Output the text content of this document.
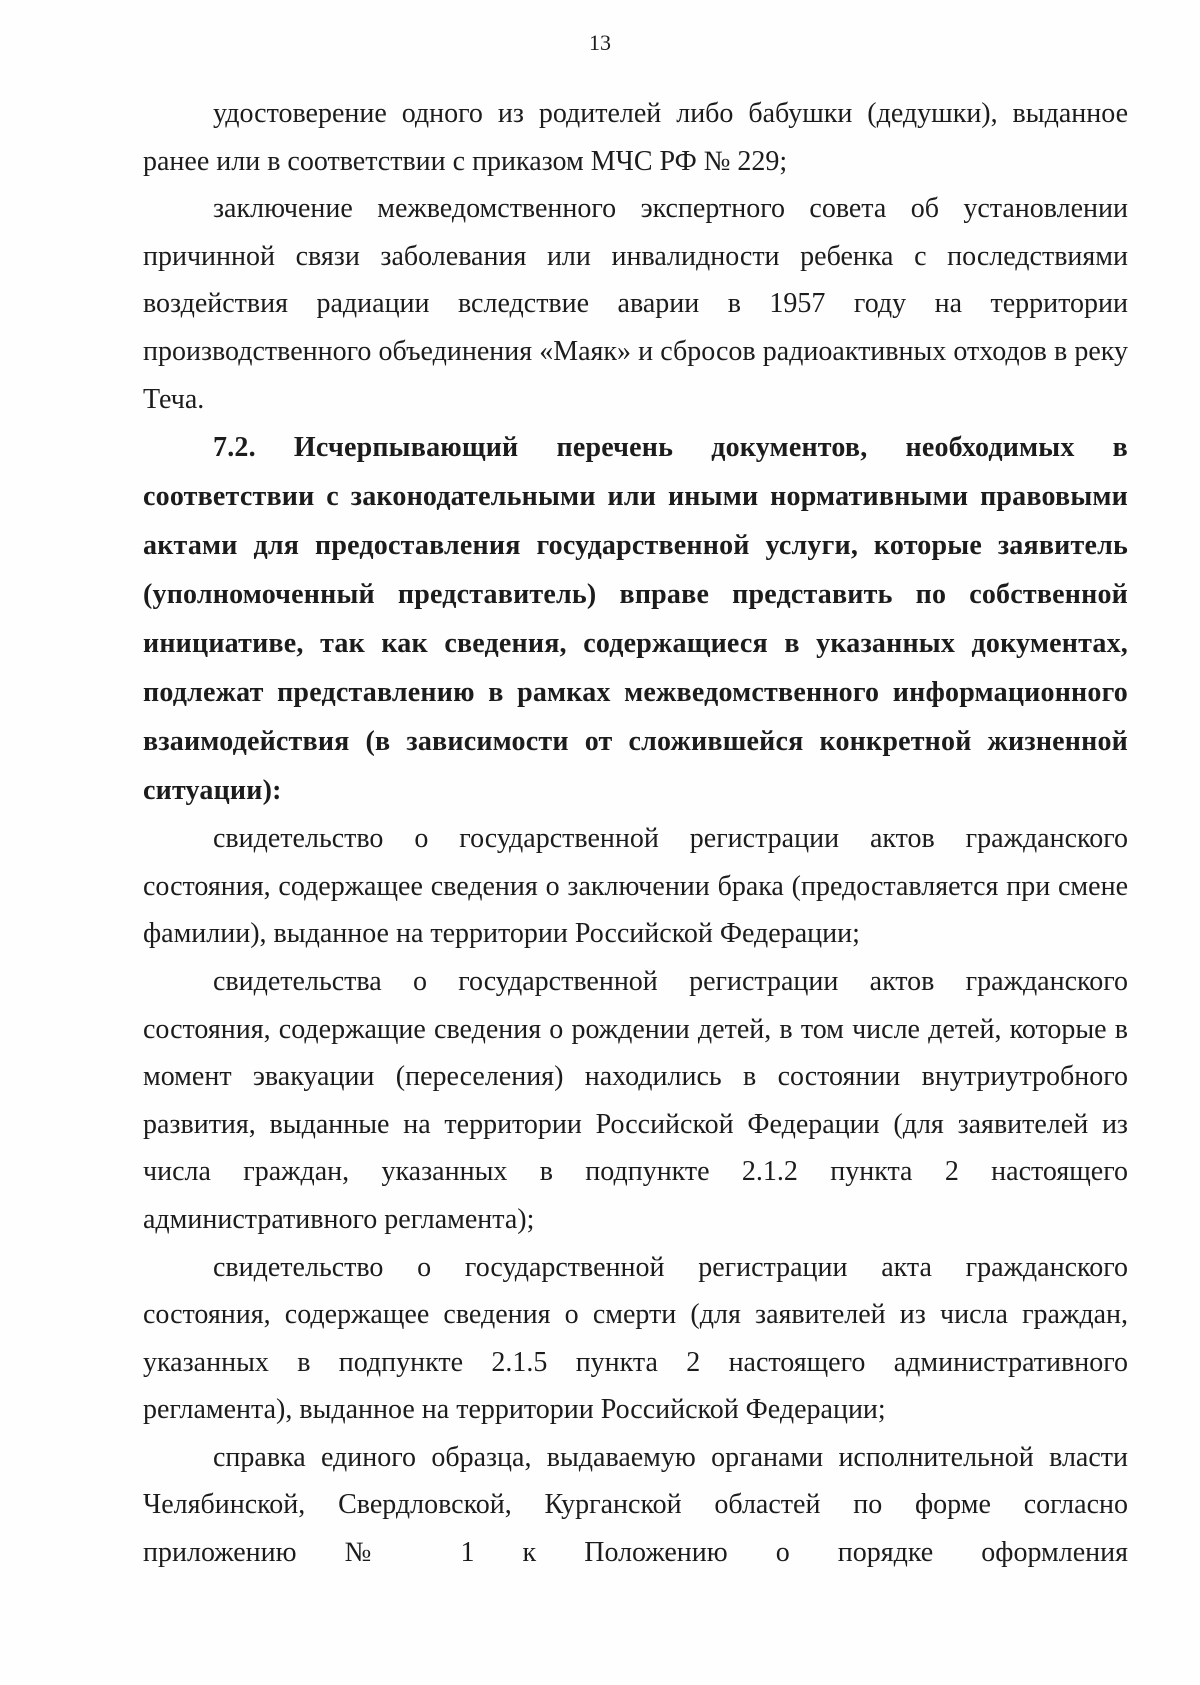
13

удостоверение одного из родителей либо бабушки (дедушки), выданное ранее или в соответствии с приказом МЧС РФ № 229;

заключение межведомственного экспертного совета об установлении причинной связи заболевания или инвалидности ребенка с последствиями воздействия радиации вследствие аварии в 1957 году на территории производственного объединения «Маяк» и сбросов радиоактивных отходов в реку Теча.

7.2. Исчерпывающий перечень документов, необходимых в соответствии с законодательными или иными нормативными правовыми актами для предоставления государственной услуги, которые заявитель (уполномоченный представитель) вправе представить по собственной инициативе, так как сведения, содержащиеся в указанных документах, подлежат представлению в рамках межведомственного информационного взаимодействия (в зависимости от сложившейся конкретной жизненной ситуации):

свидетельство о государственной регистрации актов гражданского состояния, содержащее сведения о заключении брака (предоставляется при смене фамилии), выданное на территории Российской Федерации;

свидетельства о государственной регистрации актов гражданского состояния, содержащие сведения о рождении детей, в том числе детей, которые в момент эвакуации (переселения) находились в состоянии внутриутробного развития, выданные на территории Российской Федерации (для заявителей из числа граждан, указанных в подпункте 2.1.2 пункта 2 настоящего административного регламента);

свидетельство о государственной регистрации акта гражданского состояния, содержащее сведения о смерти (для заявителей из числа граждан, указанных в подпункте 2.1.5 пункта 2 настоящего административного регламента), выданное на территории Российской Федерации;

справка единого образца, выдаваемую органами исполнительной власти Челябинской, Свердловской, Курганской областей по форме согласно приложению № 1 к Положению о порядке оформления
